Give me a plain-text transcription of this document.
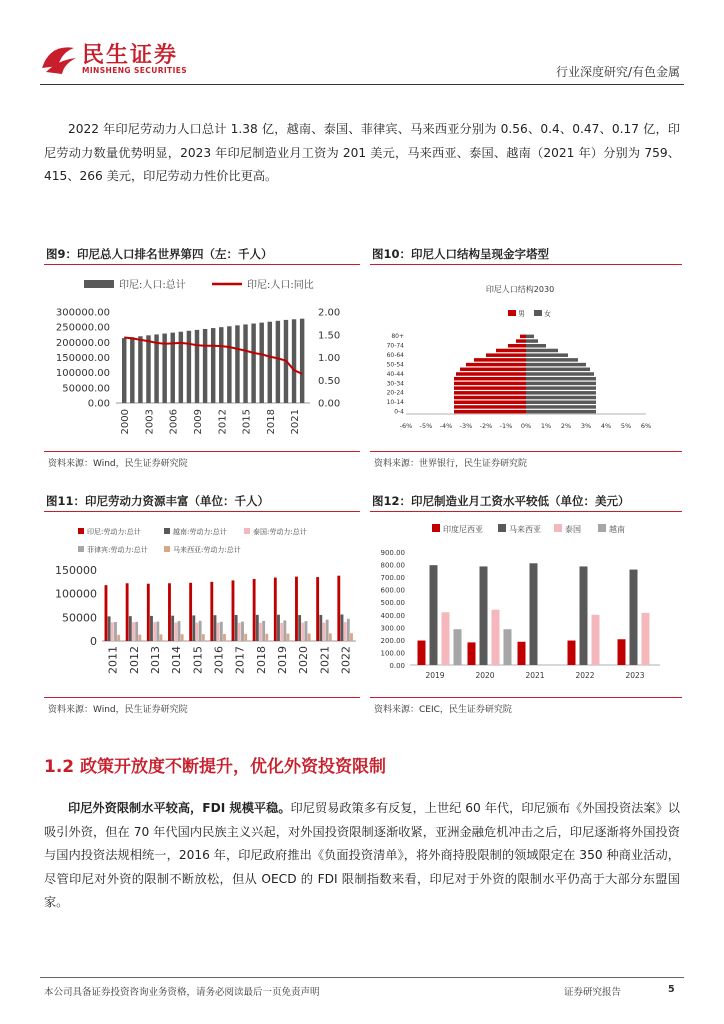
民生证券
MINSHENG SECURITIES	行业深度研究/有色金属
2022 年印尼劳动力人口总计 1.38 亿，越南、泰国、菲律宾、马来西亚分别为 0.56、0.4、0.47、0.17 亿，印尼劳动力数量优势明显，2023 年印尼制造业月工资为 201 美元，马来西亚、泰国、越南（2021 年）分别为 759、415、266 美元，印尼劳动力性价比更高。
图9：印尼总人口排名世界第四（左：千人）
印尼:人口:总计	印尼:人口:同比
300000.00
250000.00
200000.00
150000.00
100000.00
50000.00
0.00
2.00
1.50
1.00
0.50
0.00
2000 2003 2006 2009 2012 2015 2018 2021
资料来源：Wind，民生证券研究院
图10：印尼人口结构呈现金字塔型
印尼人口结构2030
男	女
0-4
10-14
20-24
30-34
40-44
50-54
60-64
70-74
80+
-6% -5% -4% -3% -2% -1% 0% 1% 2% 3% 4% 5% 6%
资料来源：世界银行，民生证券研究院
图11：印尼劳动力资源丰富（单位：千人）
印尼:劳动力:总计	越南:劳动力:总计	泰国:劳动力:总计
菲律宾:劳动力:总计	马来西亚:劳动力:总计
150000
100000
50000
0
2011 2012 2013 2014 2015 2016 2017 2018 2019 2020 2021 2022
资料来源：Wind，民生证券研究院
图12：印尼制造业月工资水平较低（单位：美元）
印度尼西亚	马来西亚	泰国	越南
900.00
800.00
700.00
600.00
500.00
400.00
300.00
200.00
100.00
0.00
2019	2020	2021	2022	2023
资料来源：CEIC，民生证券研究院
1.2 政策开放度不断提升，优化外资投资限制
印尼外资限制水平较高，FDI 规模平稳。印尼贸易政策多有反复，上世纪 60 年代，印尼颁布《外国投资法案》以吸引外资，但在 70 年代国内民族主义兴起，对外国投资限制逐渐收紧，亚洲金融危机冲击之后，印尼逐渐将外国投资与国内投资法规相统一，2016 年，印尼政府推出《负面投资清单》，将外商持股限制的领域限定在 350 种商业活动，尽管印尼对外资的限制不断放松，但从 OECD 的 FDI 限制指数来看，印尼对于外资的限制水平仍高于大部分东盟国家。
本公司具备证券投资咨询业务资格，请务必阅读最后一页免责声明	证券研究报告	5
